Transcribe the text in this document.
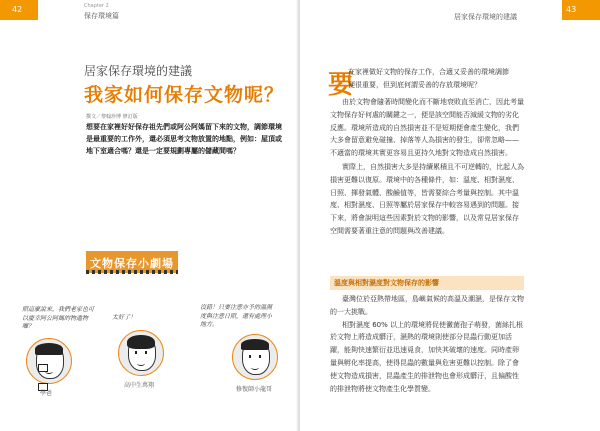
42	Chapter 2
保存環境篇
居家保存環境的建議
我家如何保存文物呢？
撰文／黎翰珍博 修訂版
想要在家裡好好保存祖先們或阿公阿媽留下來的文物，調節環境是最重要的工作外，還必須思考文物放置的地點，例如：屋頂或地下室適合嗎？還是一定要規劃專屬的儲藏間嗎？
文物保存小劇場
照這麼說來，我們老家也可以慶幸阿公阿媽的物遺物囉？
太好了！
沒錯！只要注意亦予的溫濕度與注意日照，還有處理小地方。
學爸
高中生萬翔
修復師小龍哥
居家保存環境的建議
43
要
在家裡做好文物的保存工作，合適又妥善的環境調節便很重要，但到底何謂妥善的存放環境呢？

由於文物會隨著時間變化而不斷地衰敗直至消亡，因此考量文物保存好何處的關鍵之一，便是該空間能否減緩文物的劣化反應。環境所造成的自然損害並不是短期便會產生變化，我們大多會留意避免碰撞、掉落等人為損害的發生，卻常忽略——不適當的環境其實更容易且更持久地對文物造成自然損害。

實際上，自然損害大多是持續累積且不可逆轉的，比起人為損害更難以復原。環境中的各種條件，如：溫度、相對濕度、日照、揮發氣體、酸鹼值等，皆需要綜合考量與控制。其中溫度、相對濕度、日照等屬於居家保存中較容易遇到的問題。接下來，將會說明這些因素對於文物的影響，以及常見居家保存空間需要著重注意的問題與改善建議。

溫度與相對濕度對文物保存的影響

臺灣位於亞熱帶地區，島嶼氣候的高溫及潮濕，是保存文物的一大挑戰。

相對濕度 60% 以上的環境將促使黴菌孢子萌發，菌絲扎根於文物上將造成髒汙，濕熱的環境則使部分昆蟲行動更加活躍，能夠快速繁衍並迅速覓食，加快其破壞的速度。同時產卵量與孵化率提高，使得昆蟲的數量與危害更難以控制。除了會使文物造成損害，昆蟲產生的排泄物也會形成髒汙，且偏酸性的排泄物將使文物產生化學質變。
